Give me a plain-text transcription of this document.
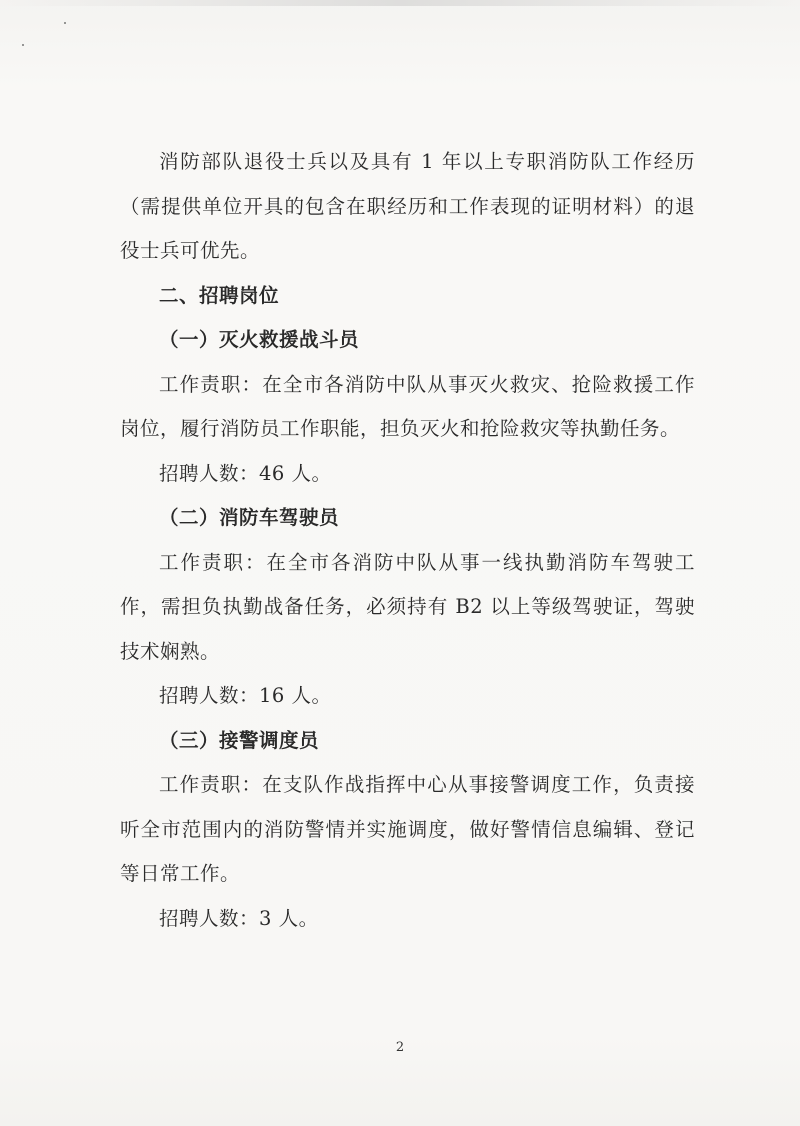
消防部队退役士兵以及具有 1 年以上专职消防队工作经历（需提供单位开具的包含在职经历和工作表现的证明材料）的退役士兵可优先。

二、招聘岗位

（一）灭火救援战斗员

工作责职：在全市各消防中队从事灭火救灾、抢险救援工作岗位，履行消防员工作职能，担负灭火和抢险救灾等执勤任务。

招聘人数：46 人。

（二）消防车驾驶员

工作责职：在全市各消防中队从事一线执勤消防车驾驶工作，需担负执勤战备任务，必须持有 B2 以上等级驾驶证，驾驶技术娴熟。

招聘人数：16 人。

（三）接警调度员

工作责职：在支队作战指挥中心从事接警调度工作，负责接听全市范围内的消防警情并实施调度，做好警情信息编辑、登记等日常工作。

招聘人数：3 人。

2
